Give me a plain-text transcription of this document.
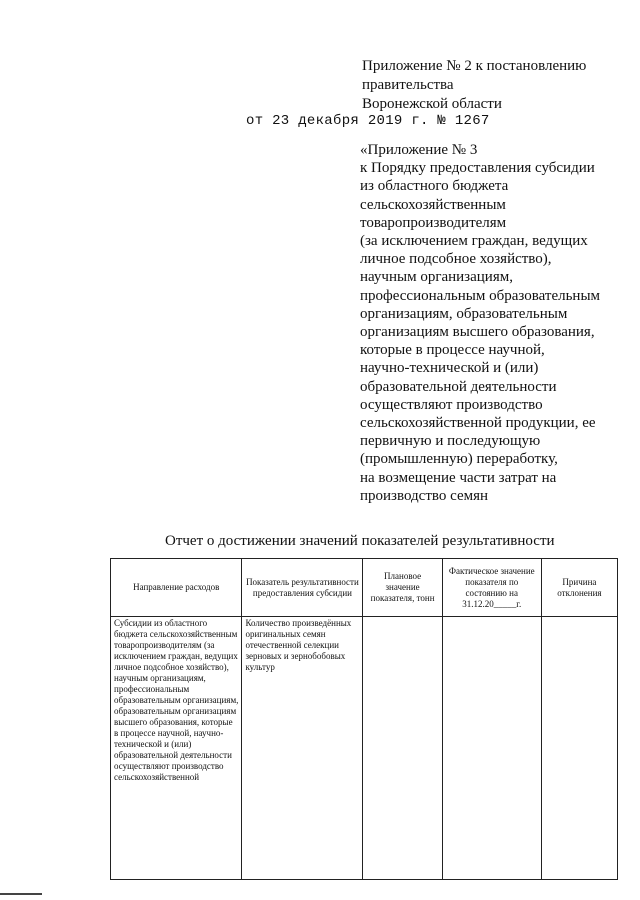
Приложение № 2 к постановлению
правительства
Воронежской области
от 23 декабря 2019 г. № 1267
«Приложение № 3
к Порядку предоставления субсидии
из областного бюджета
сельскохозяйственным
товаропроизводителям
(за исключением граждан, ведущих
личное подсобное хозяйство),
научным организациям,
профессиональным образовательным
организациям, образовательным
организациям высшего образования,
которые в процессе научной,
научно-технической и (или)
образовательной деятельности
осуществляют производство
сельскохозяйственной продукции, ее
первичную и последующую
(промышленную) переработку,
на возмещение части затрат на
производство семян
Отчет о достижении значений показателей результативности
Направление расходов	Показатель результативности предоставления субсидии	Плановое значение показателя, тонн	Фактическое значение показателя по состоянию на 31.12.20_____г.	Причина отклонения
Субсидии из областного бюджета сельскохозяйственным товаропроизводителям (за исключением граждан, ведущих личное подсобное хозяйство), научным организациям, профессиональным образовательным организациям, образовательным организациям высшего образования, которые в процессе научной, научно-технической и (или) образовательной деятельности осуществляют производство сельскохозяйственной	Количество произведённых оригинальных семян отечественной селекции зерновых и зернобобовых культур			
